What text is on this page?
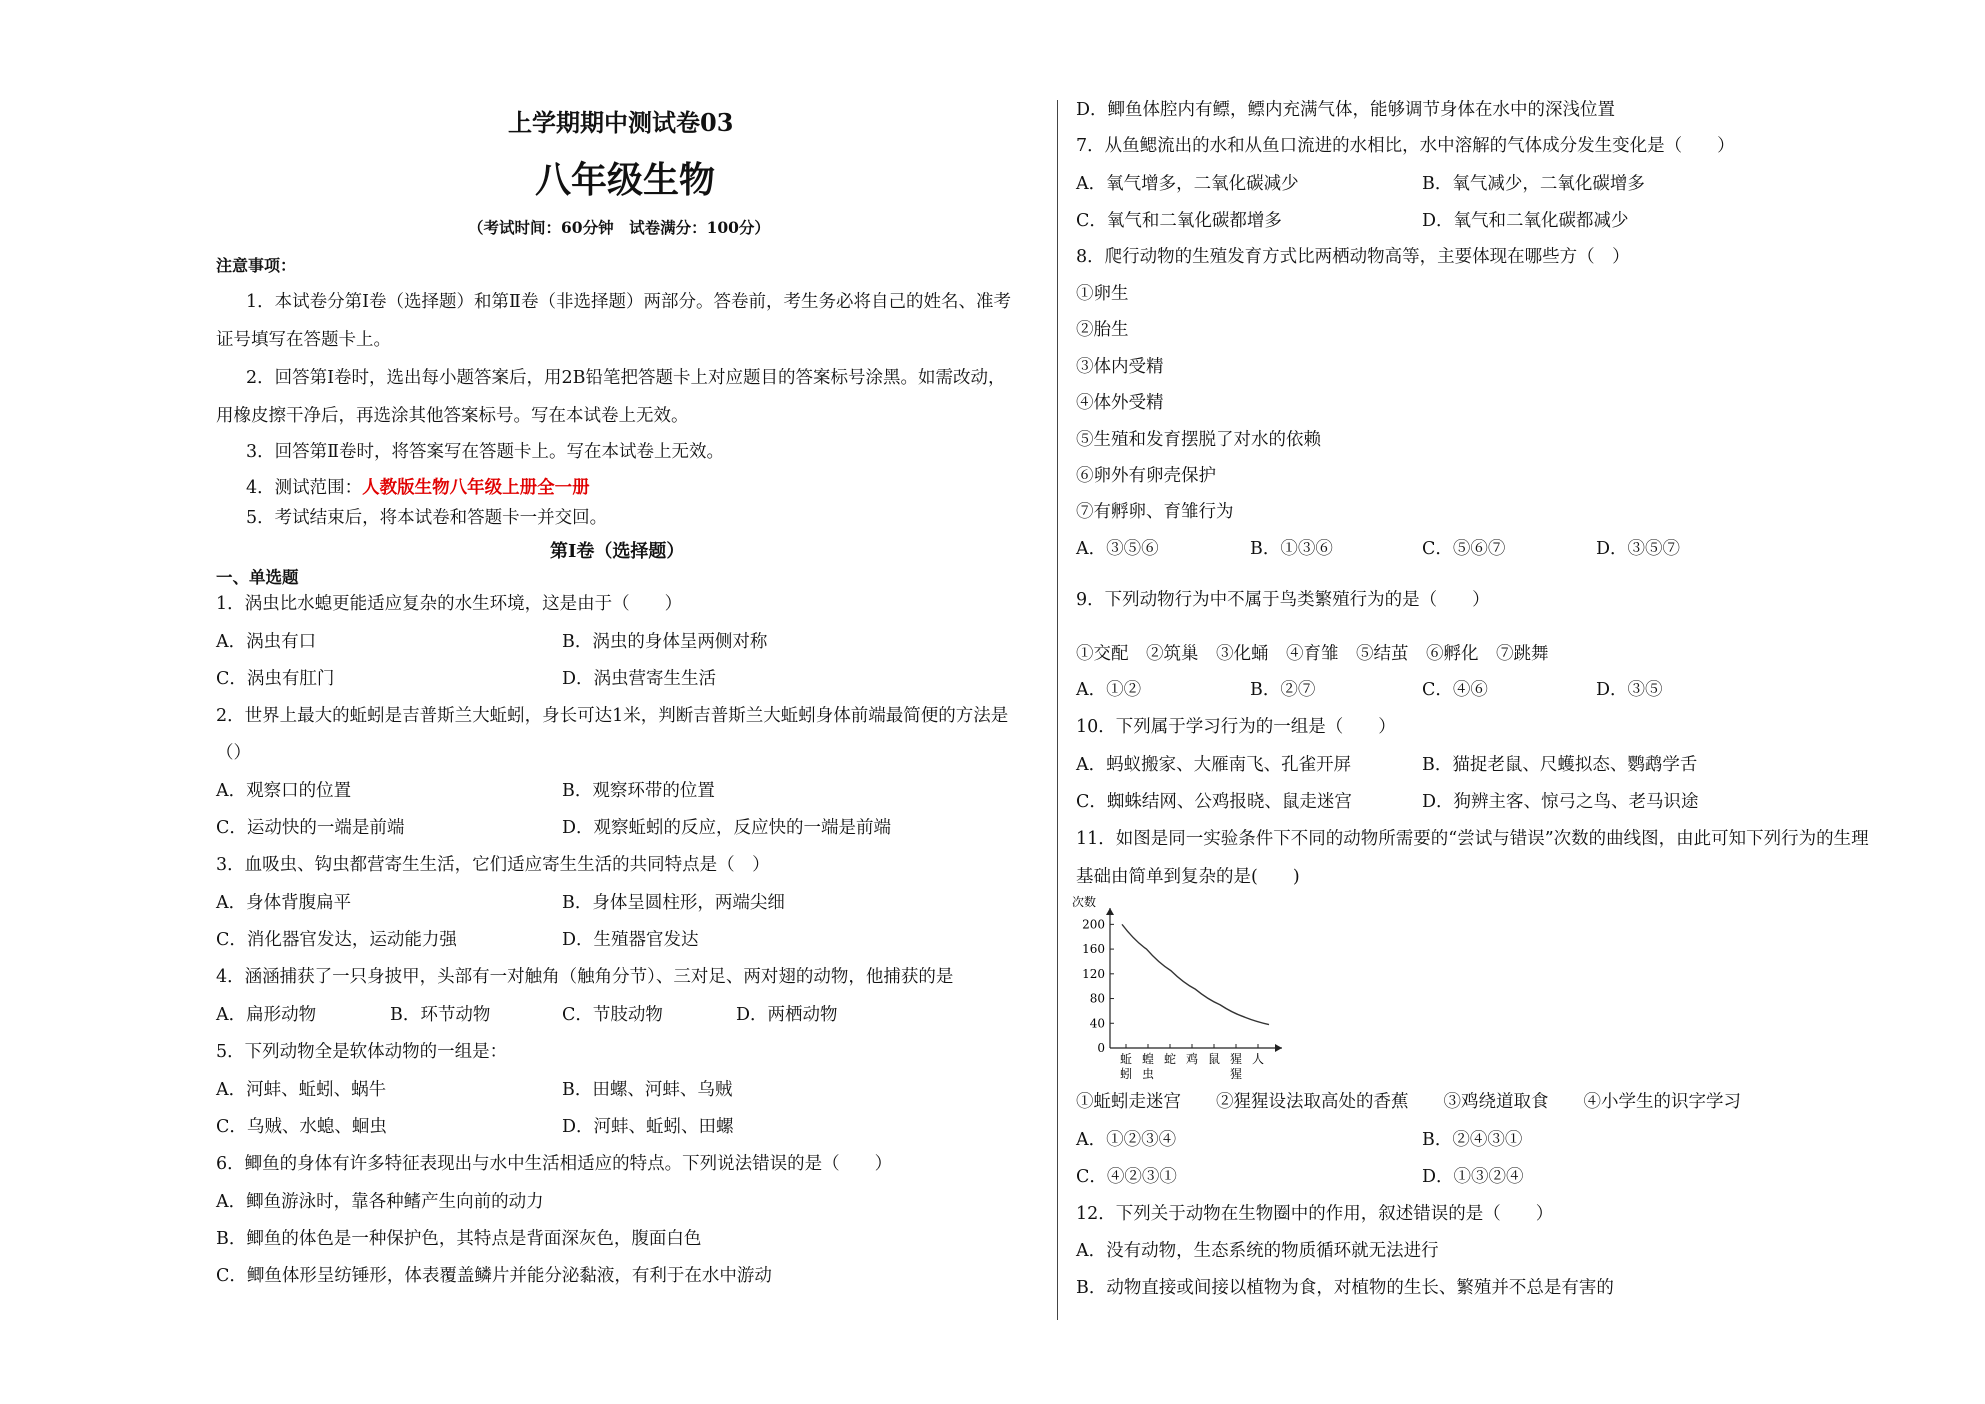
上学期期中测试卷03
八年级生物
（考试时间：60分钟　试卷满分：100分）
注意事项：
1．本试卷分第Ⅰ卷（选择题）和第Ⅱ卷（非选择题）两部分。答卷前，考生务必将自己的姓名、准考
证号填写在答题卡上。
2．回答第Ⅰ卷时，选出每小题答案后，用2B铅笔把答题卡上对应题目的答案标号涂黑。如需改动，
用橡皮擦干净后，再选涂其他答案标号。写在本试卷上无效。
3．回答第Ⅱ卷时，将答案写在答题卡上。写在本试卷上无效。
4．测试范围：人教版生物八年级上册全一册
5．考试结束后，将本试卷和答题卡一并交回。
第Ⅰ卷（选择题）
一、单选题
1．涡虫比水螅更能适应复杂的水生环境，这是由于（　　）
A．涡虫有口	B．涡虫的身体呈两侧对称
C．涡虫有肛门	D．涡虫营寄生生活
2．世界上最大的蚯蚓是吉普斯兰大蚯蚓，身长可达1米，判断吉普斯兰大蚯蚓身体前端最简便的方法是
（）
A．观察口的位置	B．观察环带的位置
C．运动快的一端是前端	D．观察蚯蚓的反应，反应快的一端是前端
3．血吸虫、钩虫都营寄生生活，它们适应寄生生活的共同特点是（　）
A．身体背腹扁平	B．身体呈圆柱形，两端尖细
C．消化器官发达，运动能力强	D．生殖器官发达
4．涵涵捕获了一只身披甲，头部有一对触角（触角分节）、三对足、两对翅的动物，他捕获的是
A．扁形动物	B．环节动物	C．节肢动物	D．两栖动物
5．下列动物全是软体动物的一组是：
A．河蚌、蚯蚓、蜗牛	B．田螺、河蚌、乌贼
C．乌贼、水螅、蛔虫	D．河蚌、蚯蚓、田螺
6．鲫鱼的身体有许多特征表现出与水中生活相适应的特点。下列说法错误的是（　　）
A．鲫鱼游泳时，靠各种鳍产生向前的动力
B．鲫鱼的体色是一种保护色，其特点是背面深灰色，腹面白色
C．鲫鱼体形呈纺锤形，体表覆盖鳞片并能分泌黏液，有利于在水中游动
D．鲫鱼体腔内有鳔，鳔内充满气体，能够调节身体在水中的深浅位置
7．从鱼鳃流出的水和从鱼口流进的水相比，水中溶解的气体成分发生变化是（　　）
A．氧气增多，二氧化碳减少	B．氧气减少，二氧化碳增多
C．氧气和二氧化碳都增多	D．氧气和二氧化碳都减少
8．爬行动物的生殖发育方式比两栖动物高等，主要体现在哪些方（　）
①卵生
②胎生
③体内受精
④体外受精
⑤生殖和发育摆脱了对水的依赖
⑥卵外有卵壳保护
⑦有孵卵、育雏行为
A．③⑤⑥	B．①③⑥	C．⑤⑥⑦	D．③⑤⑦
9．下列动物行为中不属于鸟类繁殖行为的是（　　）
①交配　②筑巢　③化蛹　④育雏　⑤结茧　⑥孵化　⑦跳舞
A．①②	B．②⑦	C．④⑥	D．③⑤
10．下列属于学习行为的一组是（　　）
A．蚂蚁搬家、大雁南飞、孔雀开屏	B．猫捉老鼠、尺蠖拟态、鹦鹉学舌
C．蜘蛛结网、公鸡报晓、鼠走迷宫	D．狗辨主客、惊弓之鸟、老马识途
11．如图是同一实验条件下不同的动物所需要的“尝试与错误”次数的曲线图，由此可知下列行为的生理
基础由简单到复杂的是(　　)
次数
0
40
80
120
160
200
蚯
蚓
蝗
虫
蛇 鸡 鼠 猩
猩
人
①蚯蚓走迷宫　　②猩猩设法取高处的香蕉　　③鸡绕道取食　　④小学生的识字学习
A．①②③④	B．②④③①
C．④②③①	D．①③②④
12．下列关于动物在生物圈中的作用，叙述错误的是（　　）
A．没有动物，生态系统的物质循环就无法进行
B．动物直接或间接以植物为食，对植物的生长、繁殖并不总是有害的
